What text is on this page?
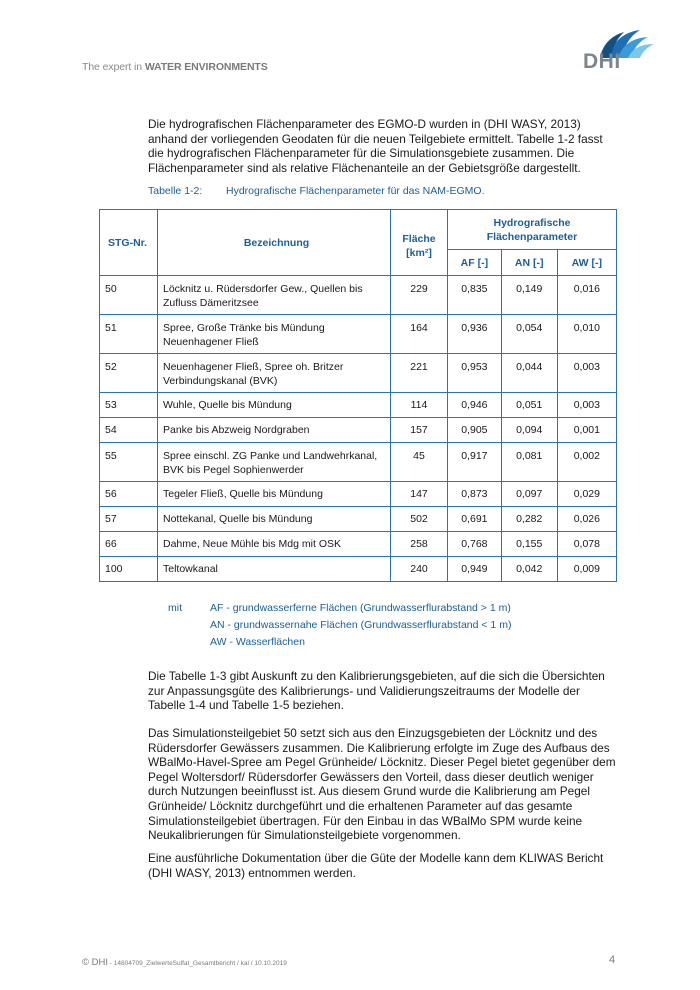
The expert in WATER ENVIRONMENTS	DHI

Die hydrografischen Flächenparameter des EGMO-D wurden in (DHI WASY, 2013) anhand der vorliegenden Geodaten für die neuen Teilgebiete ermittelt. Tabelle 1-2 fasst die hydrografischen Flächenparameter für die Simulationsgebiete zusammen. Die Flächenparameter sind als relative Flächenanteile an der Gebietsgröße dargestellt.

Tabelle 1-2: Hydrografische Flächenparameter für das NAM-EGMO.
STG-Nr.	Bezeichnung	Fläche [km²]	Hydrografische Flächenparameter		
			AF [-]	AN [-]	AW [-]
50	Löcknitz u. Rüdersdorfer Gew., Quellen bis Zufluss Dämeritzsee	229	0,835	0,149	0,016
51	Spree, Große Tränke bis Mündung Neuenhagener Fließ	164	0,936	0,054	0,010
52	Neuenhagener Fließ, Spree oh. Britzer Verbindungskanal (BVK)	221	0,953	0,044	0,003
53	Wuhle, Quelle bis Mündung	114	0,946	0,051	0,003
54	Panke bis Abzweig Nordgraben	157	0,905	0,094	0,001
55	Spree einschl. ZG Panke und Landwehrkanal, BVK bis Pegel Sophienwerder	45	0,917	0,081	0,002
56	Tegeler Fließ, Quelle bis Mündung	147	0,873	0,097	0,029
57	Nottekanal, Quelle bis Mündung	502	0,691	0,282	0,026
66	Dahme, Neue Mühle bis Mdg mit OSK	258	0,768	0,155	0,078
100	Teltowkanal	240	0,949	0,042	0,009
mit	AF - grundwasserferne Flächen (Grundwasserflurabstand > 1 m)
AN - grundwassernahe Flächen (Grundwasserflurabstand < 1 m)
AW - Wasserflächen

Die Tabelle 1-3 gibt Auskunft zu den Kalibrierungsgebieten, auf die sich die Übersichten zur Anpassungsgüte des Kalibrierungs- und Validierungszeitraums der Modelle der Tabelle 1-4 und Tabelle 1-5 beziehen.

Das Simulationsteilgebiet 50 setzt sich aus den Einzugsgebieten der Löcknitz und des Rüdersdorfer Gewässers zusammen. Die Kalibrierung erfolgte im Zuge des Aufbaus des WBalMo-Havel-Spree am Pegel Grünheide/ Löcknitz. Dieser Pegel bietet gegenüber dem Pegel Woltersdorf/ Rüdersdorfer Gewässers den Vorteil, dass dieser deutlich weniger durch Nutzungen beeinflusst ist. Aus diesem Grund wurde die Kalibrierung am Pegel Grünheide/ Löcknitz durchgeführt und die erhaltenen Parameter auf das gesamte Simulationsteilgebiet übertragen. Für den Einbau in das WBalMo SPM wurde keine Neukalibrierungen für Simulationsteilgebiete vorgenommen.

Eine ausführliche Dokumentation über die Güte der Modelle kann dem KLIWAS Bericht (DHI WASY, 2013) entnommen werden.

© DHI - 14804709_ZielwerteSulfat_Gesamtbericht / kal / 10.10.2019	4
